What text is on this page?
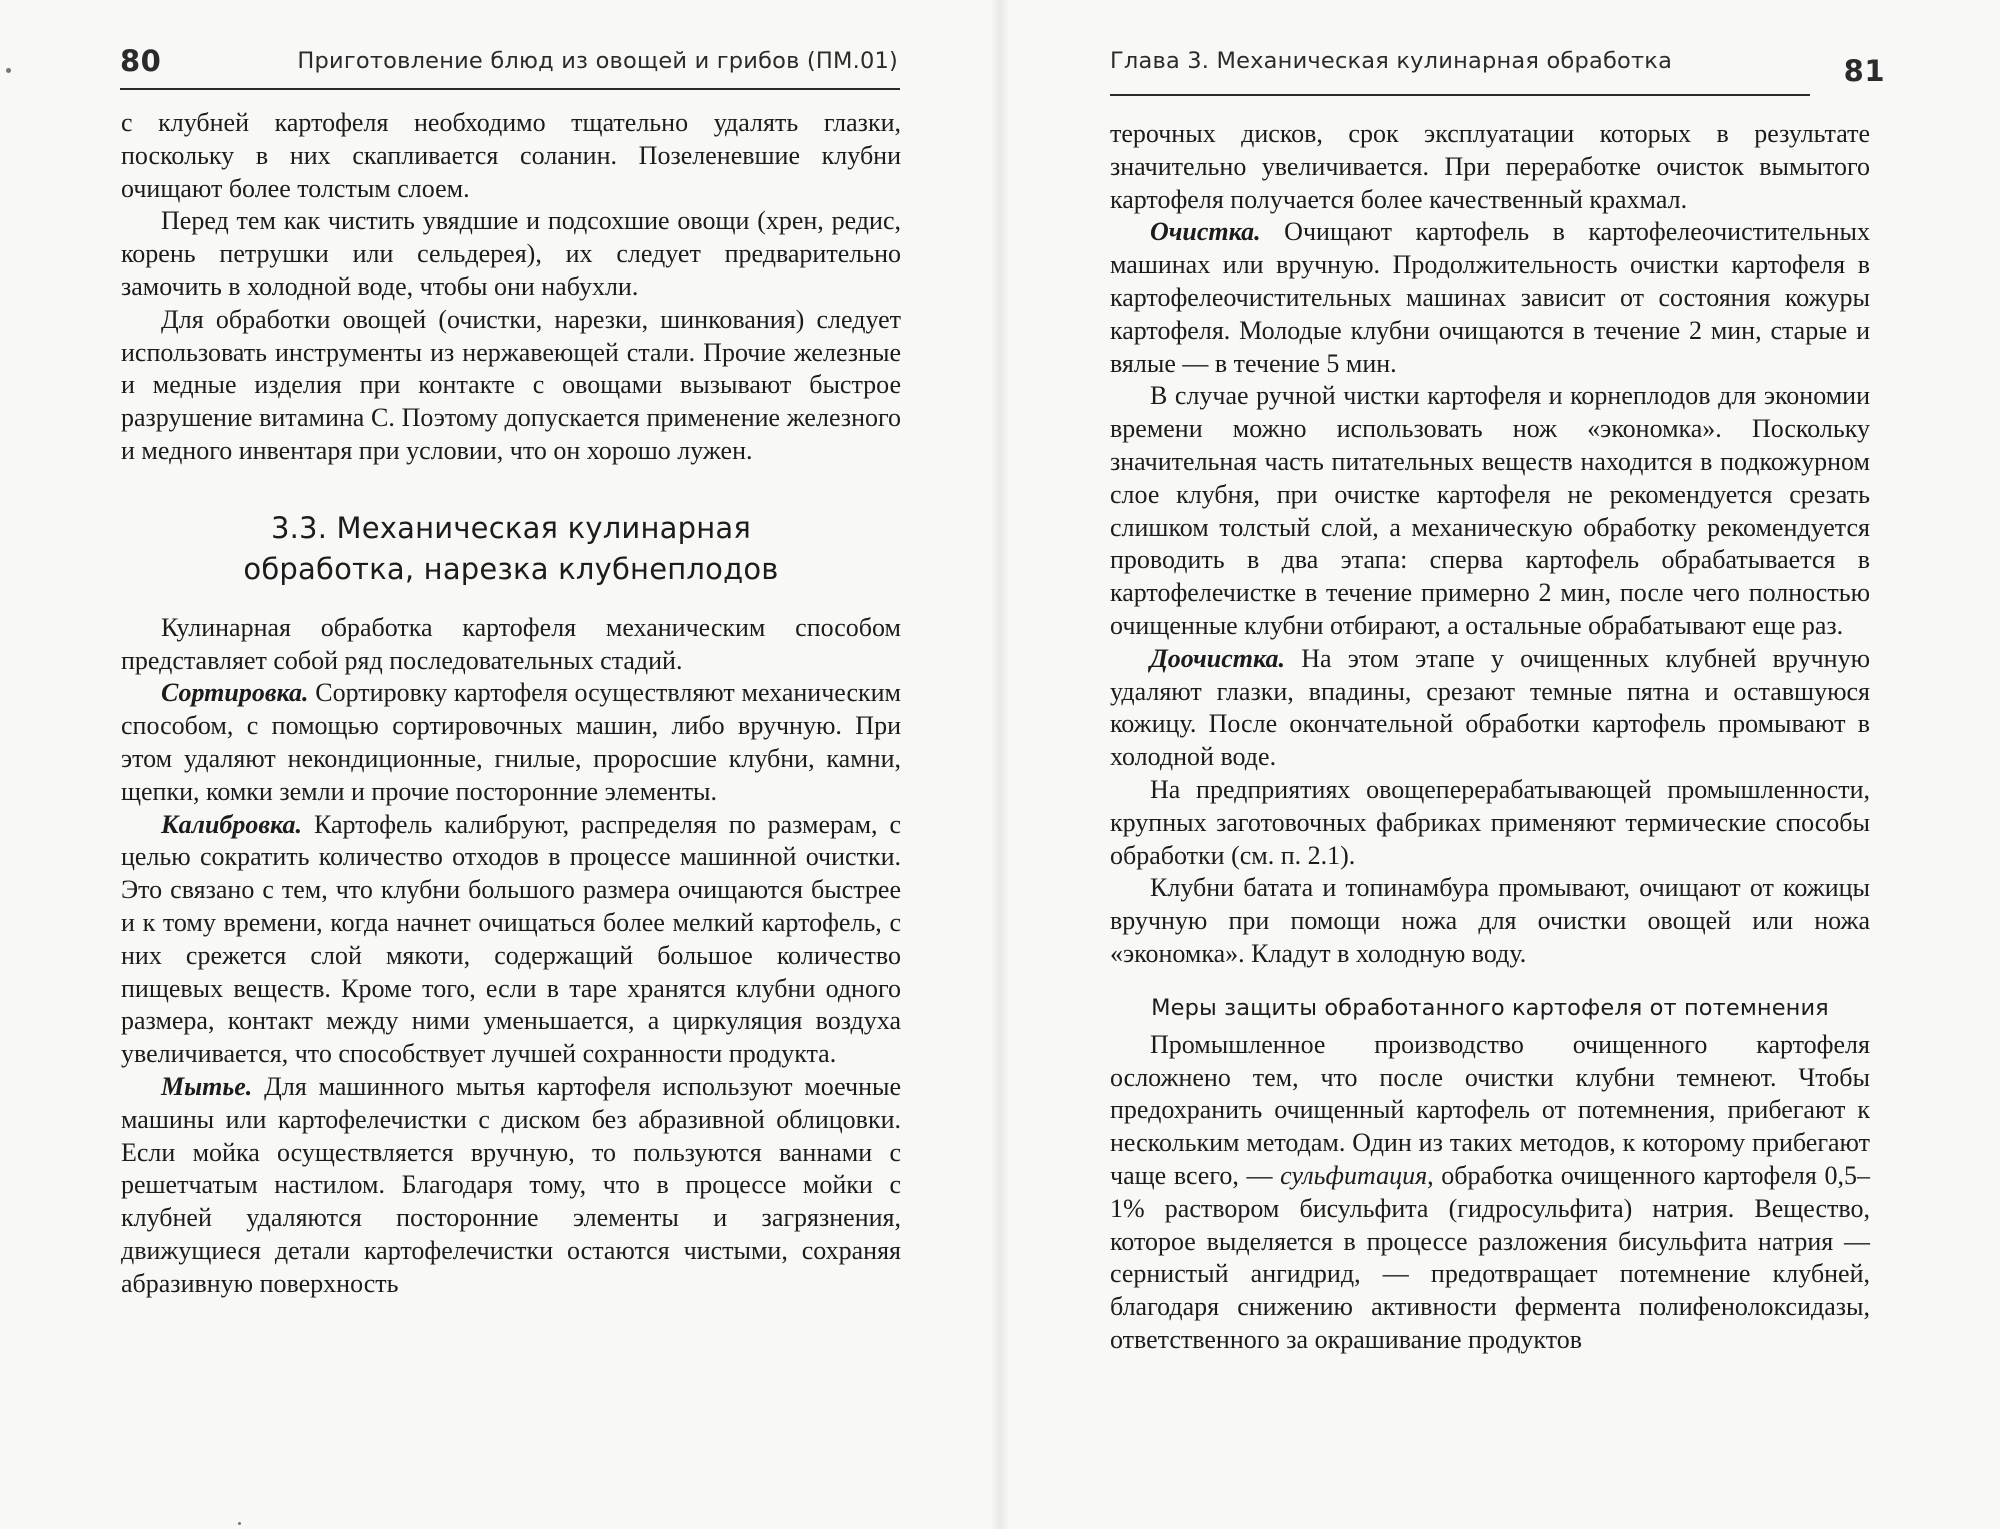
80	Приготовление блюд из овощей и грибов (ПМ.01)	Глава 3. Механическая кулинарная обработка	81

с клубней картофеля необходимо тщательно удалять глазки, поскольку в них скапливается соланин. Позеленевшие клубни очищают более толстым слоем.

Перед тем как чистить увядшие и подсохшие овощи (хрен, редис, корень петрушки или сельдерея), их следует предварительно замочить в холодной воде, чтобы они набухли.

Для обработки овощей (очистки, нарезки, шинкования) следует использовать инструменты из нержавеющей стали. Прочие железные и медные изделия при контакте с овощами вызывают быстрое разрушение витамина С. Поэтому допускается применение железного и медного инвентаря при условии, что он хорошо лужен.

3.3. Механическая кулинарная
обработка, нарезка клубнеплодов

Кулинарная обработка картофеля механическим способом представляет собой ряд последовательных стадий.

Сортировка. Сортировку картофеля осуществляют механическим способом, с помощью сортировочных машин, либо вручную. При этом удаляют некондиционные, гнилые, проросшие клубни, камни, щепки, комки земли и прочие посторонние элементы.

Калибровка. Картофель калибруют, распределяя по размерам, с целью сократить количество отходов в процессе машинной очистки. Это связано с тем, что клубни большого размера очищаются быстрее и к тому времени, когда начнет очищаться более мелкий картофель, с них срежется слой мякоти, содержащий большое количество пищевых веществ. Кроме того, если в таре хранятся клубни одного размера, контакт между ними уменьшается, а циркуляция воздуха увеличивается, что способствует лучшей сохранности продукта.

Мытье. Для машинного мытья картофеля используют моечные машины или картофелечистки с диском без абразивной облицовки. Если мойка осуществляется вручную, то пользуются ваннами с решетчатым настилом. Благодаря тому, что в процессе мойки с клубней удаляются посторонние элементы и загрязнения, движущиеся детали картофелечистки остаются чистыми, сохраняя абразивную поверхность

терочных дисков, срок эксплуатации которых в результате значительно увеличивается. При переработке очисток вымытого картофеля получается более качественный крахмал.

Очистка. Очищают картофель в картофелеочистительных машинах или вручную. Продолжительность очистки картофеля в картофелеочистительных машинах зависит от состояния кожуры картофеля. Молодые клубни очищаются в течение 2 мин, старые и вялые — в течение 5 мин.

В случае ручной чистки картофеля и корнеплодов для экономии времени можно использовать нож «экономка». Поскольку значительная часть питательных веществ находится в подкожурном слое клубня, при очистке картофеля не рекомендуется срезать слишком толстый слой, а механическую обработку рекомендуется проводить в два этапа: сперва картофель обрабатывается в картофелечистке в течение примерно 2 мин, после чего полностью очищенные клубни отбирают, а остальные обрабатывают еще раз.

Доочистка. На этом этапе у очищенных клубней вручную удаляют глазки, впадины, срезают темные пятна и оставшуюся кожицу. После окончательной обработки картофель промывают в холодной воде.

На предприятиях овощеперерабатывающей промышленности, крупных заготовочных фабриках применяют термические способы обработки (см. п. 2.1).

Клубни батата и топинамбура промывают, очищают от кожицы вручную при помощи ножа для очистки овощей или ножа «экономка». Кладут в холодную воду.

Меры защиты обработанного картофеля от потемнения

Промышленное производство очищенного картофеля осложнено тем, что после очистки клубни темнеют. Чтобы предохранить очищенный картофель от потемнения, прибегают к нескольким методам. Один из таких методов, к которому прибегают чаще всего, — сульфитация, обработка очищенного картофеля 0,5–1% раствором бисульфита (гидросульфита) натрия. Вещество, которое выделяется в процессе разложения бисульфита натрия — сернистый ангидрид, — предотвращает потемнение клубней, благодаря снижению активности фермента полифенолоксидазы, ответственного за окрашивание продуктов
